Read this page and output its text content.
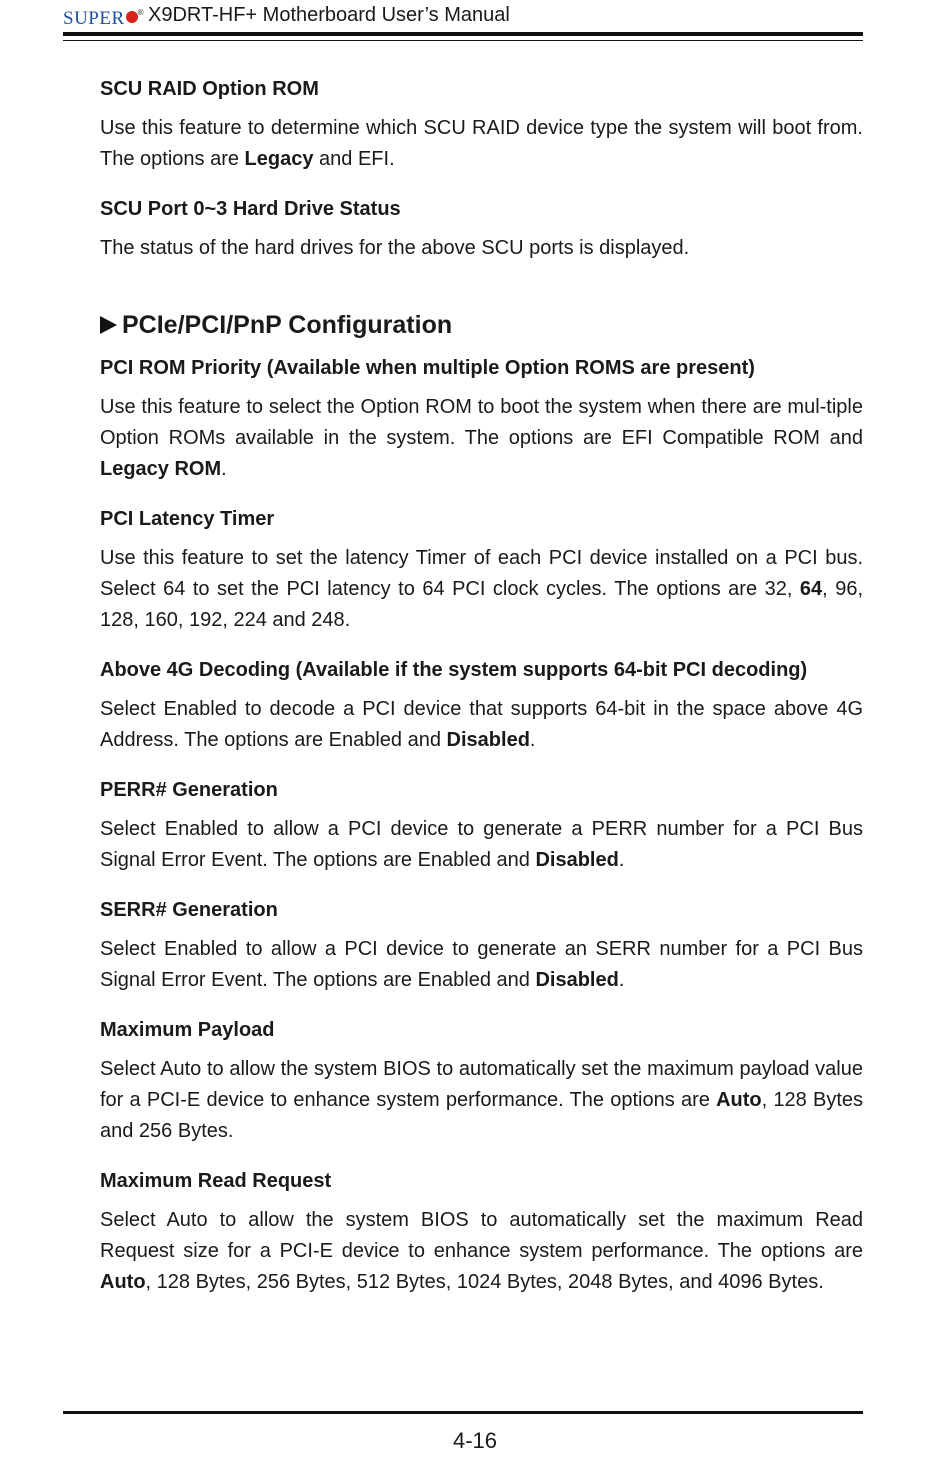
SUPER ® X9DRT-HF+ Motherboard User’s Manual
SCU RAID Option ROM
Use this feature to determine which SCU RAID device type the system will boot from. The options are Legacy and EFI.
SCU Port 0~3 Hard Drive Status
The status of the hard drives for the above SCU ports is displayed.
PCIe/PCI/PnP Configuration
PCI ROM Priority (Available when multiple Option ROMS are present)
Use this feature to select the Option ROM to boot the system when there are mul-tiple Option ROMs available in the system. The options are EFI Compatible ROM and Legacy ROM.
PCI Latency Timer
Use this feature to set the latency Timer of each PCI device installed on a PCI bus. Select 64 to set the PCI latency to 64 PCI clock cycles. The options are 32, 64, 96, 128, 160, 192, 224 and 248.
Above 4G Decoding (Available if the system supports 64-bit PCI decoding)
Select Enabled to decode a PCI device that supports 64-bit in the space above 4G Address. The options are Enabled and Disabled.
PERR# Generation
Select Enabled to allow a PCI device to generate a PERR number for a PCI Bus Signal Error Event. The options are Enabled and Disabled.
SERR# Generation
Select Enabled to allow a PCI device to generate an SERR number for a PCI Bus Signal Error Event. The options are Enabled and Disabled.
Maximum Payload
Select Auto to allow the system BIOS to automatically set the maximum payload value for a PCI-E device to enhance system performance. The options are Auto, 128 Bytes and 256 Bytes.
Maximum Read Request
Select Auto to allow the system BIOS to automatically set the maximum Read Request size for a PCI-E device to enhance system performance. The options are Auto, 128 Bytes, 256 Bytes, 512 Bytes, 1024 Bytes, 2048 Bytes, and 4096 Bytes.
4-16
